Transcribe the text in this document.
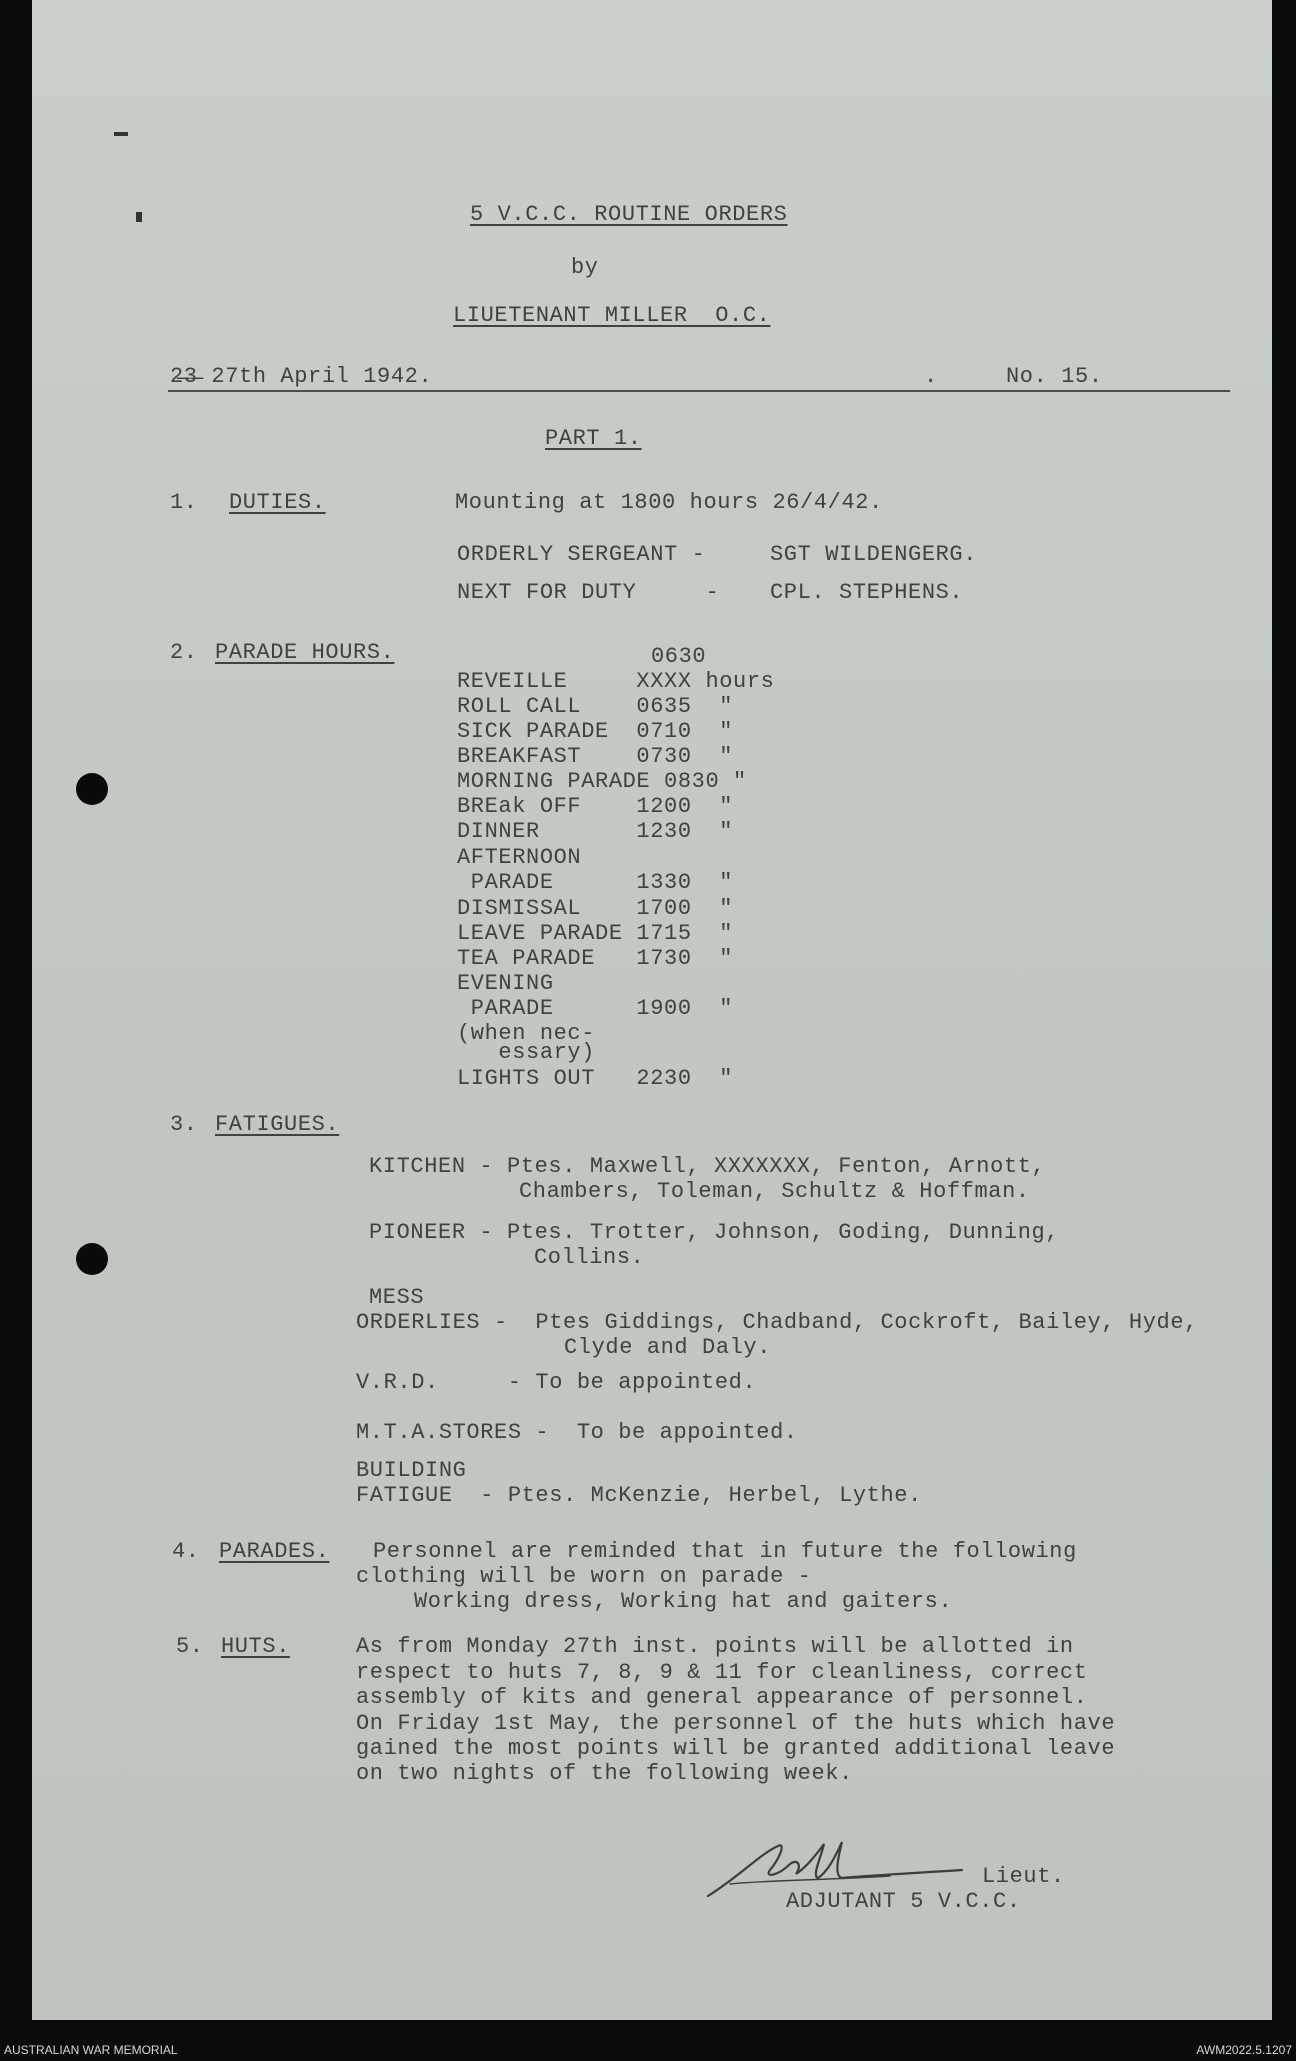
5 V.C.C. ROUTINE ORDERS

by

LIUETENANT MILLER  O.C.

2̶3̶ 27th April 1942.	.	No. 15.

PART 1.

1. DUTIES.	Mounting at 1800 hours 26/4/42.

ORDERLY SERGEANT -	SGT WILDENGERG.

NEXT FOR DUTY     - CPL. STEPHENS.

2. PARADE HOURS.	0630

REVEILLE     XXXX hours

ROLL CALL    0635  "

SICK PARADE  0710  "

BREAKFAST    0730  "

MORNING PARADE 0830 "

BREak OFF    1200  "

DINNER       1230  "

AFTERNOON

PARADE      1330  "

DISMISSAL    1700  "

LEAVE PARADE 1715  "

TEA PARADE   1730  "

EVENING

PARADE      1900  "

(when nec-

essary)

LIGHTS OUT   2230  "

3. FATIGUES.

KITCHEN - Ptes. Maxwell, XXXXXXX, Fenton, Arnott,

Chambers, Toleman, Schultz & Hoffman.

PIONEER - Ptes. Trotter, Johnson, Goding, Dunning,

Collins.

MESS

ORDERLIES -  Ptes Giddings, Chadband, Cockroft, Bailey, Hyde,

Clyde and Daly.

V.R.D.     - To be appointed.

M.T.A.STORES -  To be appointed.

BUILDING

FATIGUE  - Ptes. McKenzie, Herbel, Lythe.

4. PARADES. Personnel are reminded that in future the following

clothing will be worn on parade -

Working dress, Working hat and gaiters.

5. HUTS.	As from Monday 27th inst. points will be allotted in

respect to huts 7, 8, 9 & 11 for cleanliness, correct

assembly of kits and general appearance of personnel.

On Friday 1st May, the personnel of the huts which have

gained the most points will be granted additional leave

on two nights of the following week.

Lieut.

ADJUTANT 5 V.C.C.

AUSTRALIAN WAR MEMORIAL	AWM2022.5.1207
